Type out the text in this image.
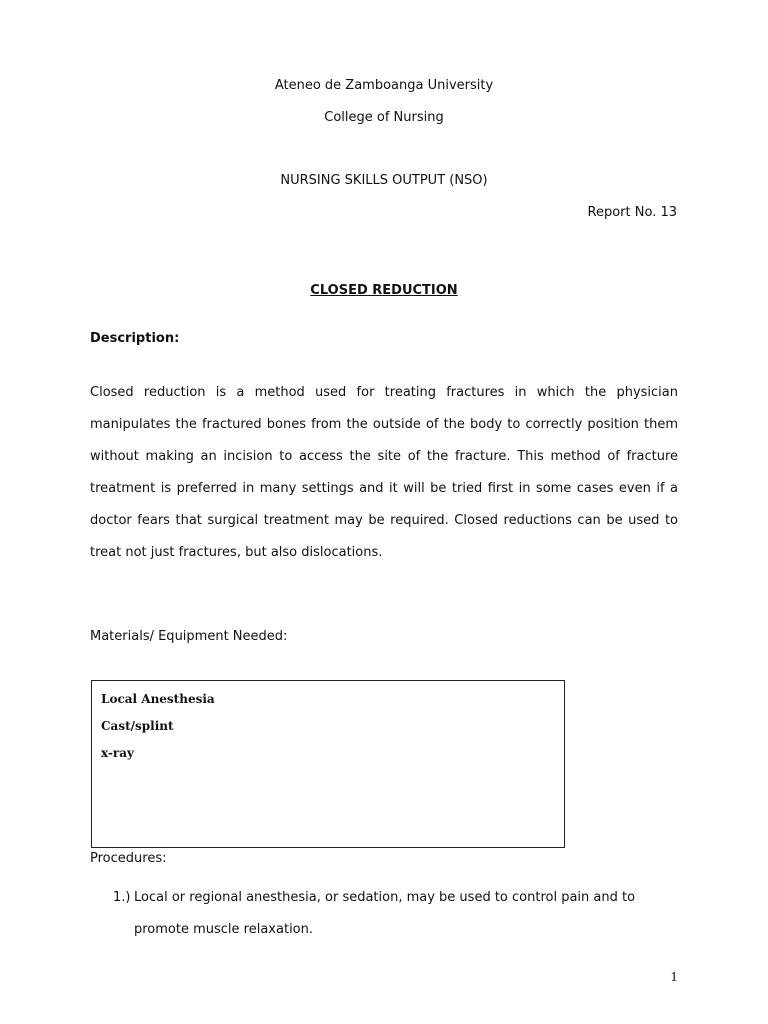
Ateneo de Zamboanga University
College of Nursing
NURSING SKILLS OUTPUT (NSO)
Report No. 13
CLOSED REDUCTION
Description:
Closed reduction is a method used for treating fractures in which the physician manipulates the fractured bones from the outside of the body to correctly position them without making an incision to access the site of the fracture. This method of fracture treatment is preferred in many settings and it will be tried first in some cases even if a doctor fears that surgical treatment may be required. Closed reductions can be used to treat not just fractures, but also dislocations.
Materials/ Equipment Needed:
Local Anesthesia
Cast/splint
x-ray
Procedures:
1.) Local or regional anesthesia, or sedation, may be used to control pain and to promote muscle relaxation.
1
